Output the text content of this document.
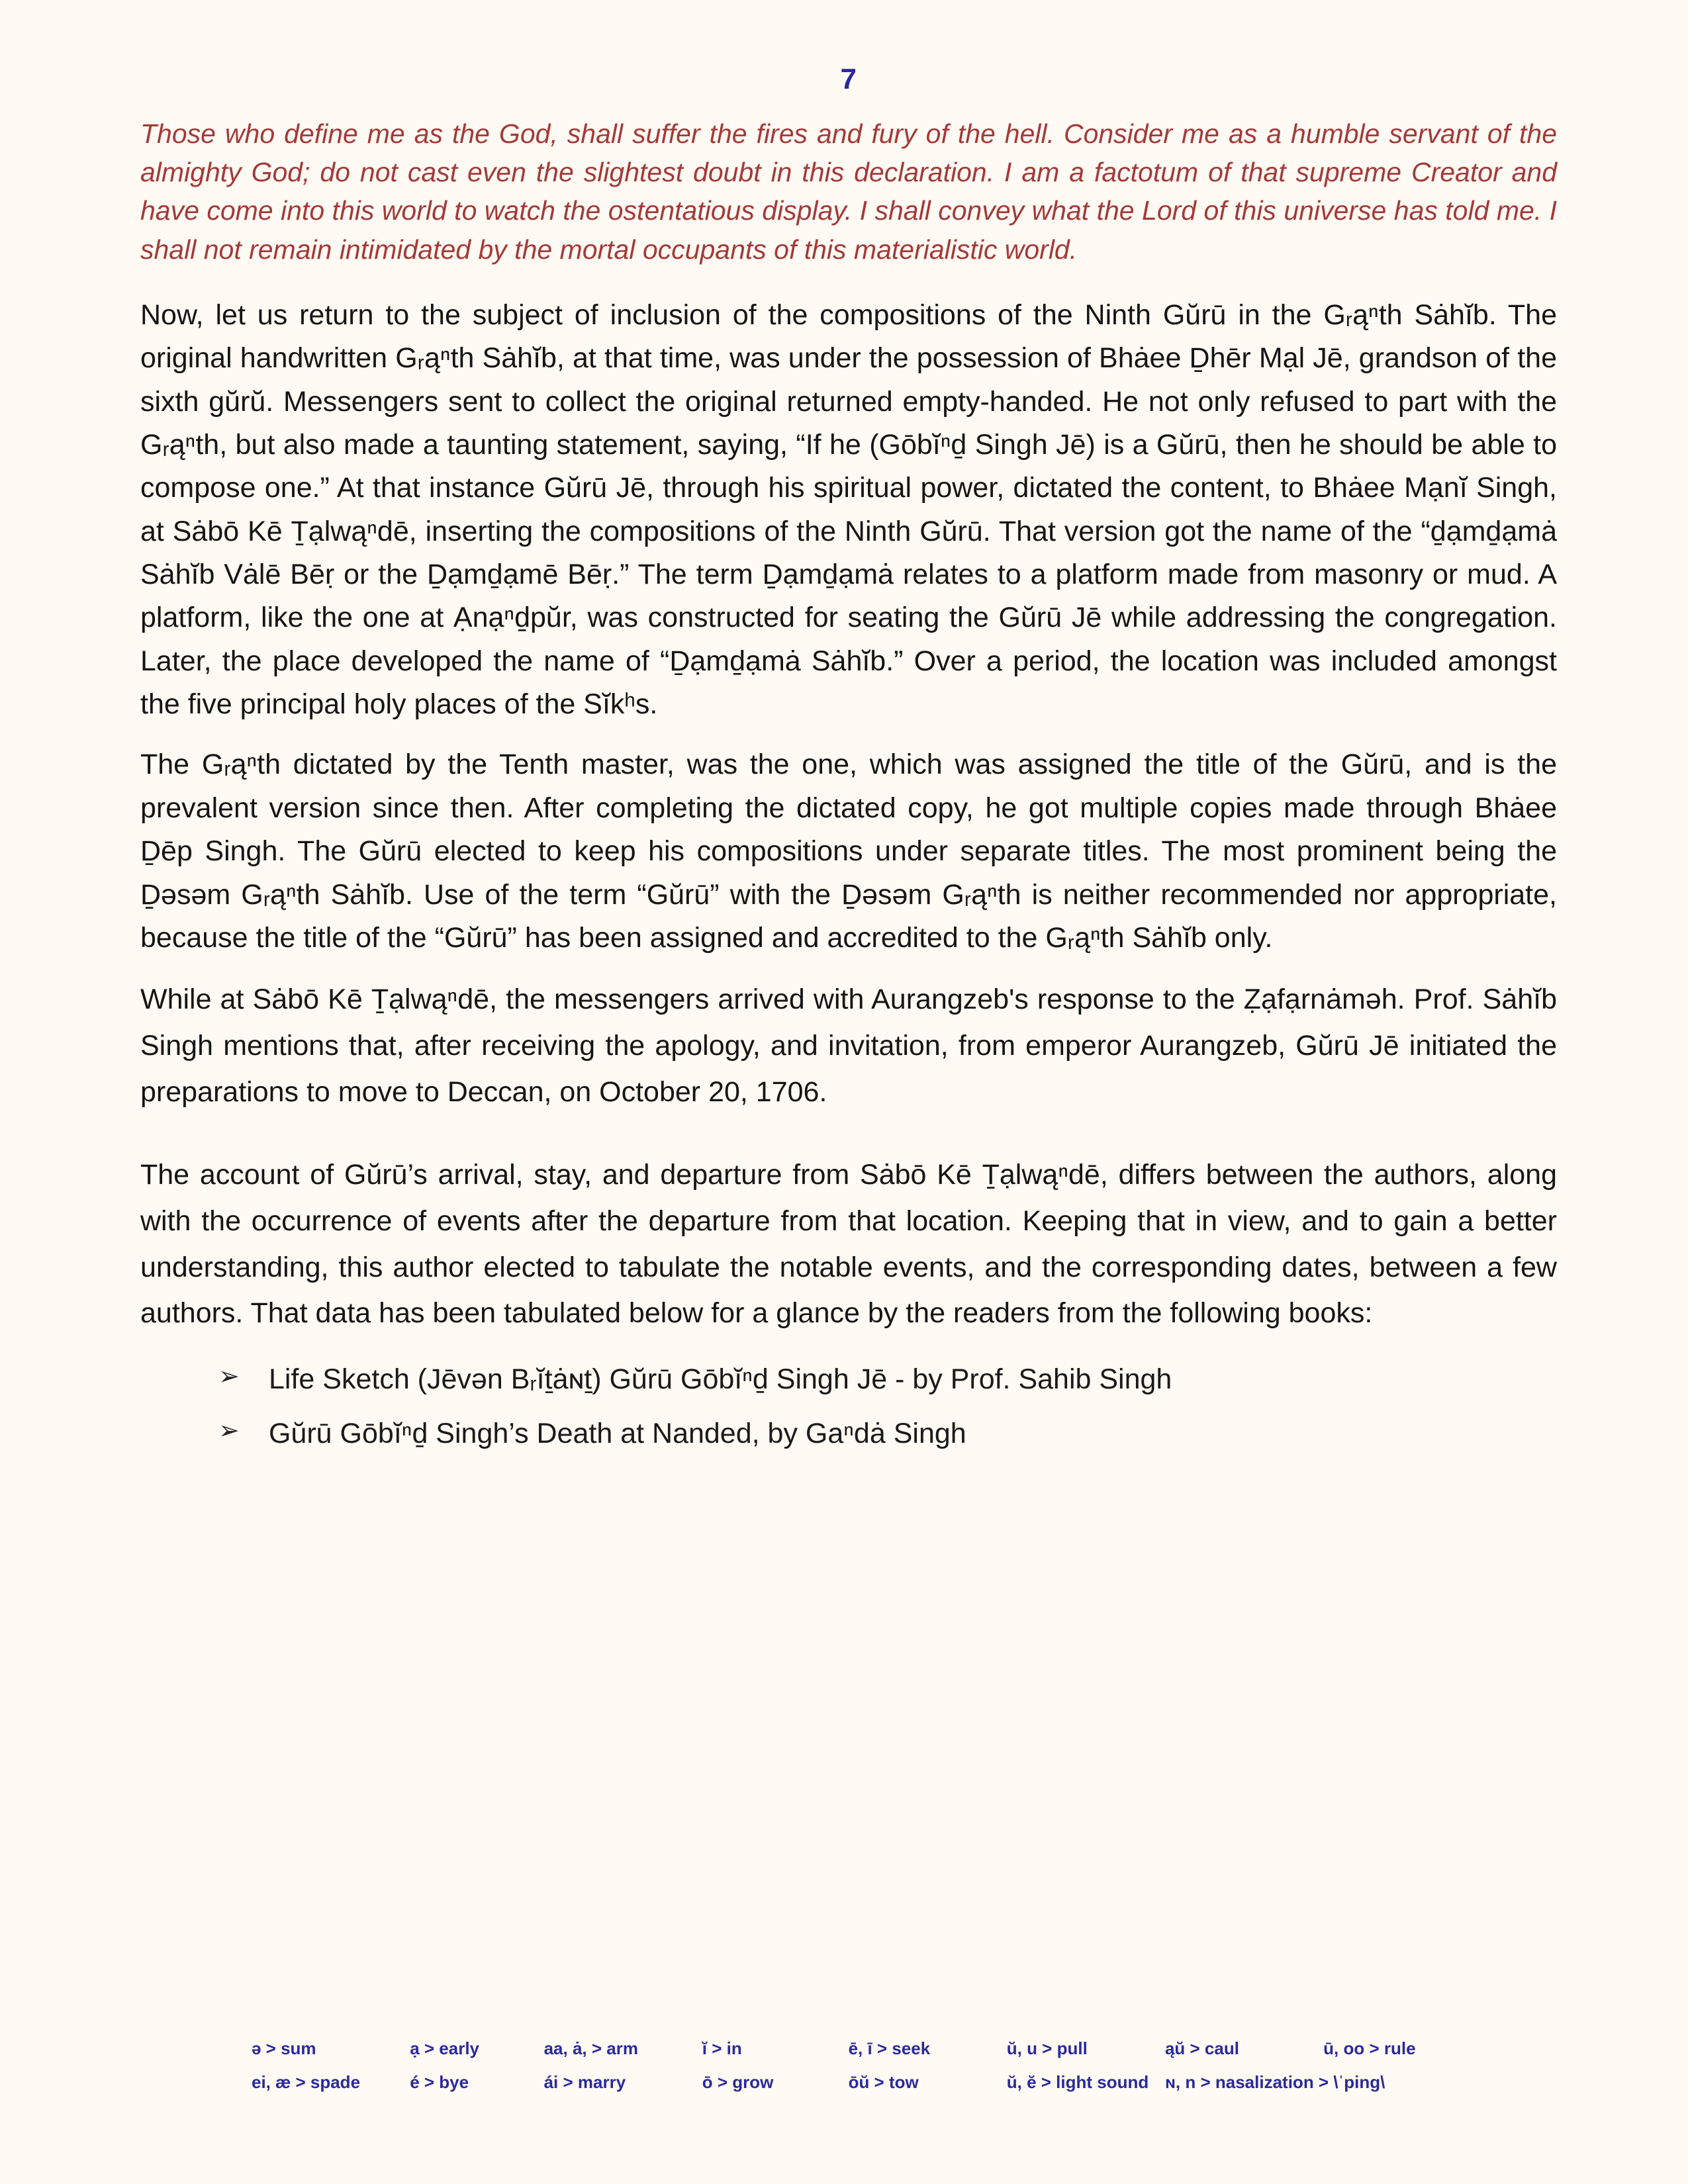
7
Those who define me as the God, shall suffer the fires and fury of the hell. Consider me as a humble servant of the almighty God; do not cast even the slightest doubt in this declaration. I am a factotum of that supreme Creator and have come into this world to watch the ostentatious display. I shall convey what the Lord of this universe has told me. I shall not remain intimidated by the mortal occupants of this materialistic world.

Now, let us return to the subject of inclusion of the compositions of the Ninth Gŭrū in the Gᵣąⁿth Sȧhĭb. The original handwritten Gᵣąⁿth Sȧhĭb, at that time, was under the possession of Bhȧee Ḏhēr Mạl Jē, grandson of the sixth gŭrŭ. Messengers sent to collect the original returned empty-handed. He not only refused to part with the Gᵣąⁿth, but also made a taunting statement, saying, “If he (Gōbĭⁿḏ Singh Jē) is a Gŭrū, then he should be able to compose one.” At that instance Gŭrū Jē, through his spiritual power, dictated the content, to Bhȧee Mạnĭ Singh, at Sȧbō Kē Ṯạlwąⁿdē, inserting the compositions of the Ninth Gŭrū. That version got the name of the “ḏạmḏạmȧ Sȧhĭb Vȧlē Bēṛ or the Ḏạmḏạmē Bēṛ.” The term Ḏạmḏạmȧ relates to a platform made from masonry or mud. A platform, like the one at Ạnạⁿḏpŭr, was constructed for seating the Gŭrū Jē while addressing the congregation. Later, the place developed the name of “Ḏạmḏạmȧ Sȧhĭb.” Over a period, the location was included amongst the five principal holy places of the Sĭkʰs.

The Gᵣąⁿth dictated by the Tenth master, was the one, which was assigned the title of the Gŭrū, and is the prevalent version since then. After completing the dictated copy, he got multiple copies made through Bhȧee Ḏēp Singh. The Gŭrū elected to keep his compositions under separate titles. The most prominent being the Ḏəsəm Gᵣąⁿth Sȧhĭb. Use of the term “Gŭrū” with the Ḏəsəm Gᵣąⁿth is neither recommended nor appropriate, because the title of the “Gŭrū” has been assigned and accredited to the Gᵣąⁿth Sȧhĭb only.

While at Sȧbō Kē Ṯạlwąⁿdē, the messengers arrived with Aurangzeb's response to the Ẓạfạrnȧməh. Prof. Sȧhĭb Singh mentions that, after receiving the apology, and invitation, from emperor Aurangzeb, Gŭrū Jē initiated the preparations to move to Deccan, on October 20, 1706.

The account of Gŭrū’s arrival, stay, and departure from Sȧbō Kē Ṯạlwąⁿdē, differs between the authors, along with the occurrence of events after the departure from that location. Keeping that in view, and to gain a better understanding, this author elected to tabulate the notable events, and the corresponding dates, between a few authors. That data has been tabulated below for a glance by the readers from the following books:

➢ Life Sketch (Jēvən Bᵣĭṯȧɴṯ) Gŭrū Gōbĭⁿḏ Singh Jē - by Prof. Sahib Singh
➢ Gŭrū Gōbĭⁿḏ Singh’s Death at Nanded, by Gaⁿdȧ Singh
ə > sum	ạ > early	aa, ȧ, > arm	ĭ > in	ē, ī > seek	ŭ, u > pull	ąŭ > caul	ū, oo > rule
ei, æ > spade	é > bye	ái > marry	ō > grow	ōŭ > tow	ŭ, ĕ > light sound	ɴ, n > nasalization > \ˈping\	
